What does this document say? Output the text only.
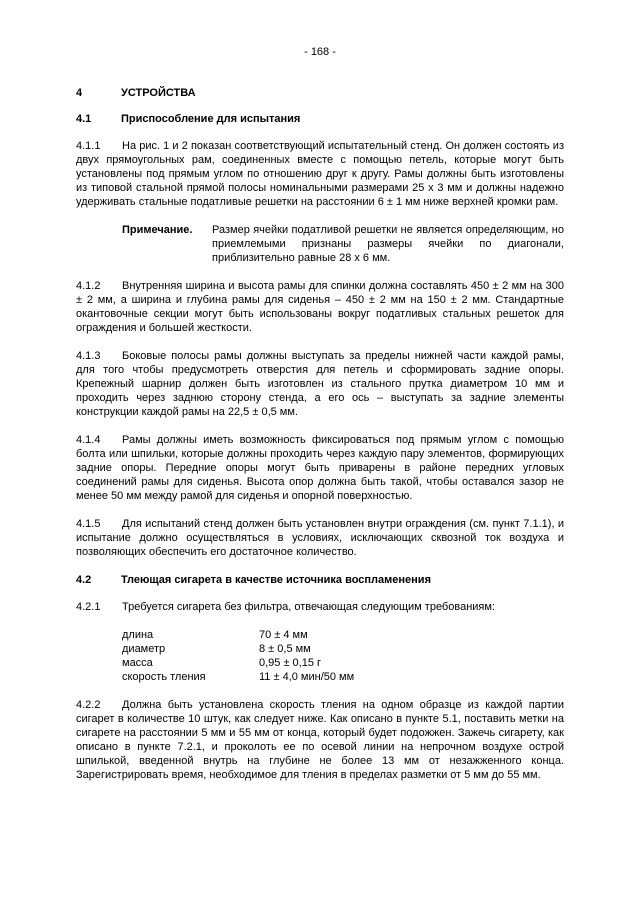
- 168 -
4	УСТРОЙСТВА
4.1	Приспособление для испытания
4.1.1 На рис. 1 и 2 показан соответствующий испытательный стенд. Он должен состоять из двух прямоугольных рам, соединенных вместе с помощью петель, которые могут быть установлены под прямым углом по отношению друг к другу. Рамы должны быть изготовлены из типовой стальной прямой полосы номинальными размерами 25 x 3 мм и должны надежно удерживать стальные податливые решетки на расстоянии 6 ± 1 мм ниже верхней кромки рам.
Примечание.	Размер ячейки податливой решетки не является определяющим, но приемлемыми признаны размеры ячейки по диагонали, приблизительно равные 28 x 6 мм.
4.1.2 Внутренняя ширина и высота рамы для спинки должна составлять 450 ± 2 мм на 300 ± 2 мм, а ширина и глубина рамы для сиденья – 450 ± 2 мм на 150 ± 2 мм. Стандартные окантовочные секции могут быть использованы вокруг податливых стальных решеток для ограждения и большей жесткости.
4.1.3 Боковые полосы рамы должны выступать за пределы нижней части каждой рамы, для того чтобы предусмотреть отверстия для петель и сформировать задние опоры. Крепежный шарнир должен быть изготовлен из стального прутка диаметром 10 мм и проходить через заднюю сторону стенда, а его ось – выступать за задние элементы конструкции каждой рамы на 22,5 ± 0,5 мм.
4.1.4 Рамы должны иметь возможность фиксироваться под прямым углом с помощью болта или шпильки, которые должны проходить через каждую пару элементов, формирующих задние опоры. Передние опоры могут быть приварены в районе передних угловых соединений рамы для сиденья. Высота опор должна быть такой, чтобы оставался зазор не менее 50 мм между рамой для сиденья и опорной поверхностью.
4.1.5 Для испытаний стенд должен быть установлен внутри ограждения (см. пункт 7.1.1), и испытание должно осуществляться в условиях, исключающих сквозной ток воздуха и позволяющих обеспечить его достаточное количество.
4.2	Тлеющая сигарета в качестве источника воспламенения
4.2.1	Требуется сигарета без фильтра, отвечающая следующим требованиям:
длина	70 ± 4 мм
диаметр	8 ± 0,5 мм
масса	0,95 ± 0,15 г
скорость тления	11 ± 4,0 мин/50 мм
4.2.2 Должна быть установлена скорость тления на одном образце из каждой партии сигарет в количестве 10 штук, как следует ниже. Как описано в пункте 5.1, поставить метки на сигарете на расстоянии 5 мм и 55 мм от конца, который будет подожжен. Зажечь сигарету, как описано в пункте 7.2.1, и проколоть ее по осевой линии на непрочном воздухе острой шпилькой, введенной внутрь на глубине не более 13 мм от незажженного конца. Зарегистрировать время, необходимое для тления в пределах разметки от 5 мм до 55 мм.
